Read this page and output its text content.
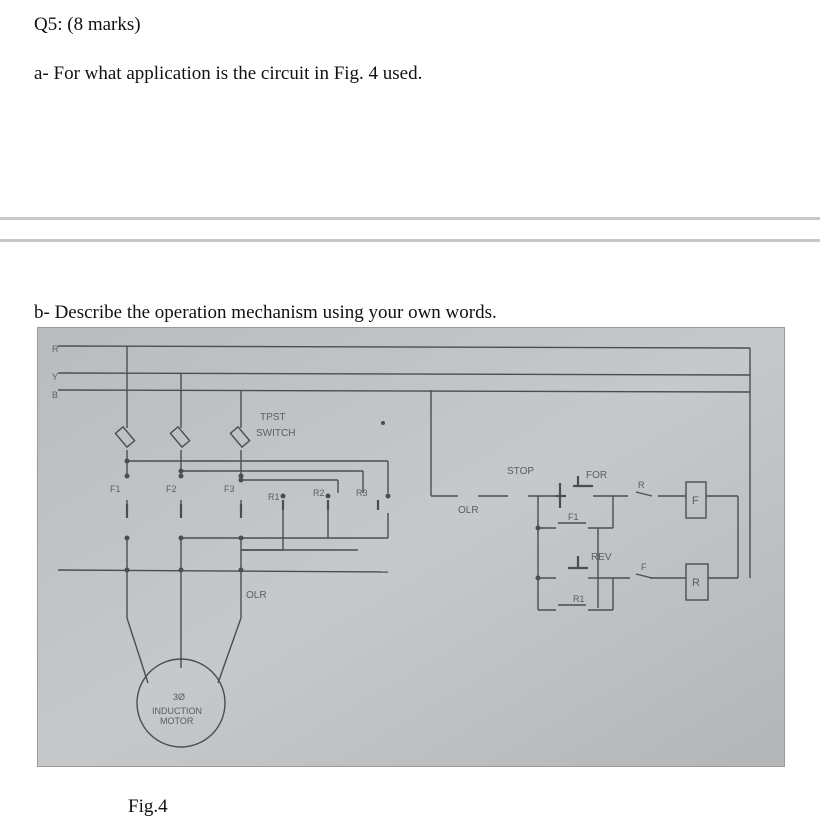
Q5: (8 marks)
a- For what application is the circuit in Fig. 4 used.
b- Describe the operation mechanism using your own words.
R
Y
B
TPST
SWITCH
F1	F2	F3
R1	R2	R3
OLR
OLR
STOP	FOR
REV
F1
R1
R
F
F
R
3Ø
INDUCTION
MOTOR
Fig.4
